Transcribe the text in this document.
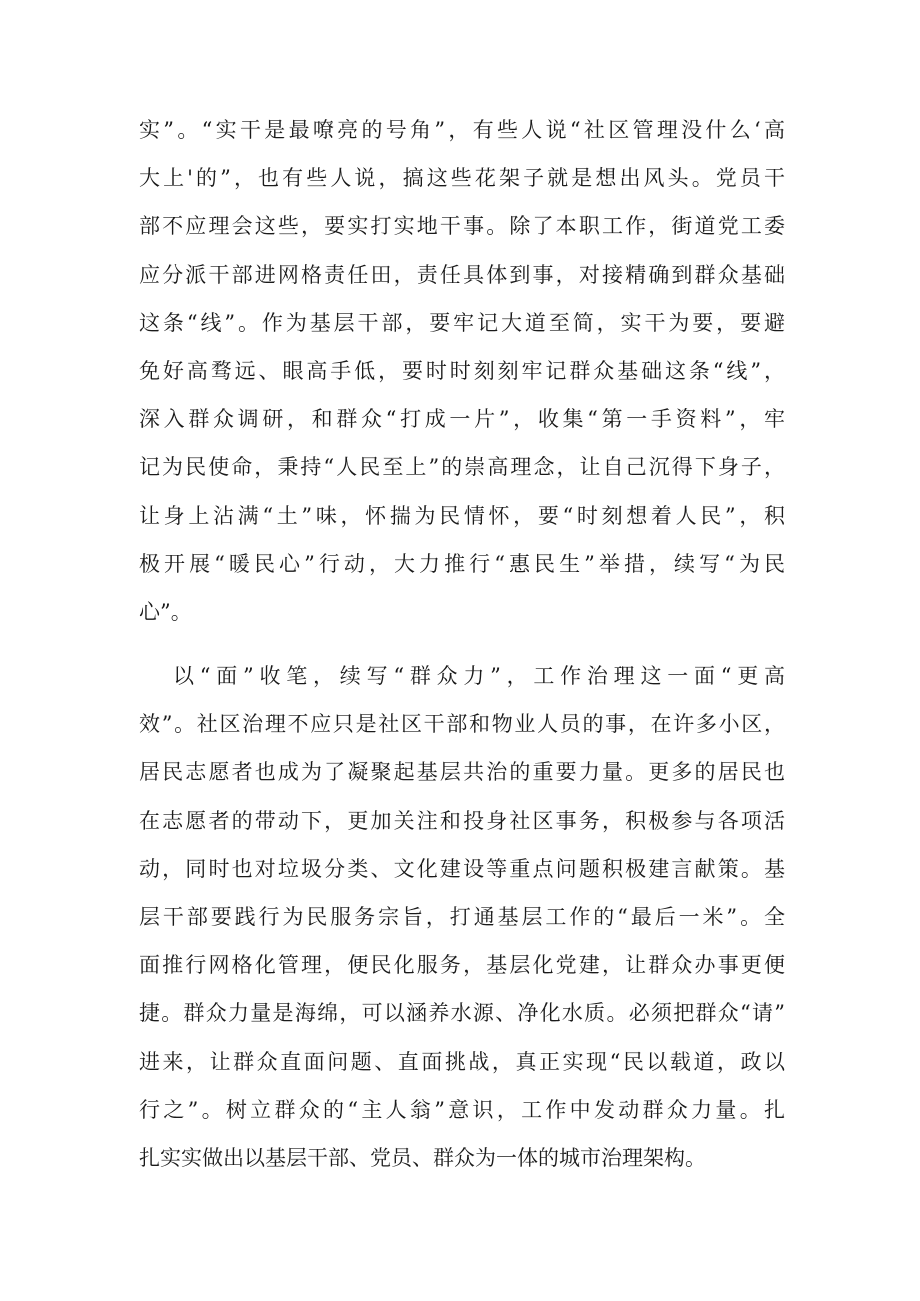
实”。“实干是最嘹亮的号角”，有些人说“社区管理没什么‘高
大上'的”，也有些人说，搞这些花架子就是想出风头。党员干
部不应理会这些，要实打实地干事。除了本职工作，街道党工委
应分派干部进网格责任田，责任具体到事，对接精确到群众基础
这条“线”。作为基层干部，要牢记大道至简，实干为要，要避
免好高骛远、眼高手低，要时时刻刻牢记群众基础这条“线”，
深入群众调研，和群众“打成一片”，收集“第一手资料”，牢
记为民使命，秉持“人民至上”的崇高理念，让自己沉得下身子，
让身上沾满“土”味，怀揣为民情怀，要“时刻想着人民”，积
极开展“暖民心”行动，大力推行“惠民生”举措，续写“为民
心”。

以“面”收笔，续写“群众力”，工作治理这一面“更高
效”。社区治理不应只是社区干部和物业人员的事，在许多小区，
居民志愿者也成为了凝聚起基层共治的重要力量。更多的居民也
在志愿者的带动下，更加关注和投身社区事务，积极参与各项活
动，同时也对垃圾分类、文化建设等重点问题积极建言献策。基
层干部要践行为民服务宗旨，打通基层工作的“最后一米”。全
面推行网格化管理，便民化服务，基层化党建，让群众办事更便
捷。群众力量是海绵，可以涵养水源、净化水质。必须把群众“请”
进来，让群众直面问题、直面挑战，真正实现“民以载道，政以
行之”。树立群众的“主人翁”意识，工作中发动群众力量。扎
扎实实做出以基层干部、党员、群众为一体的城市治理架构。
